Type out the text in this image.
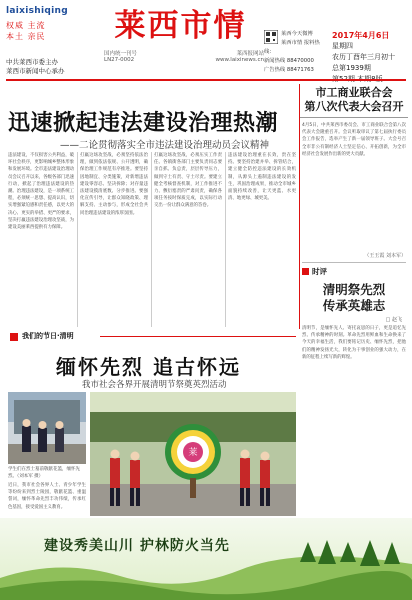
laixishiqing
权威 主流
本土 亲民
中共莱西市委主办
莱西市新闻中心承办
莱西市情
国内统一刊号	莱西报网站
LN27-0002	www.laixinews.cn
莱西今天微博
莱西市情 报料热线：
新闻热线 88470000
广告热线 88471763
2017年4月6日
星期四
农历丁酉年三月初十
总第1939期
市工商业联合会
第八次代表大会召开
4月5日，中共莱西市委员会、市工商业联合会第八次代表大会隆重召开。会议听取审议了第七届执行委员会工作报告，选举产生了新一届领导班子。大会号召全市非公有制经济人士坚定信心、开拓创新，为全市经济社会发展作出新的更大贡献。
（王玉霞 刘本军）
迅速掀起违法建设治理热潮
——二论贯彻落实全市违法建设治理动员会议精神
违法建设，不仅损害公共利益，破坏社会秩序，更影响城乡整体形象和发展环境。全市违法建设治理动员会议召开以来，各级各部门迅速行动，掀起了治理违法建设的热潮。治理违法建设，是一项系统工程，必须统一思想、提高认识，切实增强紧迫感和责任感，以更大的决心、更实的举措、更严的要求，坚决打赢违法建设治理攻坚战，为建设美丽莱西提供有力保障。
打赢这场攻坚战，必须坚持依法治理，做到依法依规、公开透明，确保治理工作规范有序推进。要坚持因地制宜、分类施策，对新增违法建设零容忍、坚决拆除；对存量违法建设摸清底数、分步推进。要强化宣传引导，让群众知晓政策、理解支持、主动参与，形成全社会共同治理违法建设的浓厚氛围。
打赢这场攻坚战，必须压实工作责任。各镇街各部门主要负责同志要亲自抓、负总责，层层传导压力，做到守土有责、守土尽责。要建立健全考核督查机制，对工作推进不力、敷衍塞责的严肃问责，确保各项任务按时保质完成，以实际行动交出一份让群众满意的答卷。
违法建设治理重在长效，贵在坚持。要坚持治建并举、拆管结合，建立健全防控违法建设的长效机制，从源头上遏制违法建设的发生，巩固治理成果，推动全市城乡面貌持续改善，让天更蓝、水更清、地更绿、城更美。
时评
清明祭先烈
传承英雄志
□ 赵飞
清明节，是缅怀先人、寄托哀思的日子，更是追忆先烈、传承精神的时刻。革命先烈用鲜血和生命换来了今天的幸福生活，我们要铭记历史、缅怀先烈，把他们的精神发扬光大，转化为干事创业的强大动力，在新的征程上续写新的辉煌。
我们的节日·清明
缅怀先烈 追古怀远
我市社会各界开展清明节祭奠英烈活动
学生们在烈士墓前敬献花篮，缅怀先烈。（刘本军 摄）
近日，我市社会各界人士、青少年学生等纷纷来到烈士陵园，敬献花篮、重温誓词，缅怀革命先烈丰功伟绩，传承红色基因，接受爱国主义教育。
莱
建设秀美山川 护林防火当先
